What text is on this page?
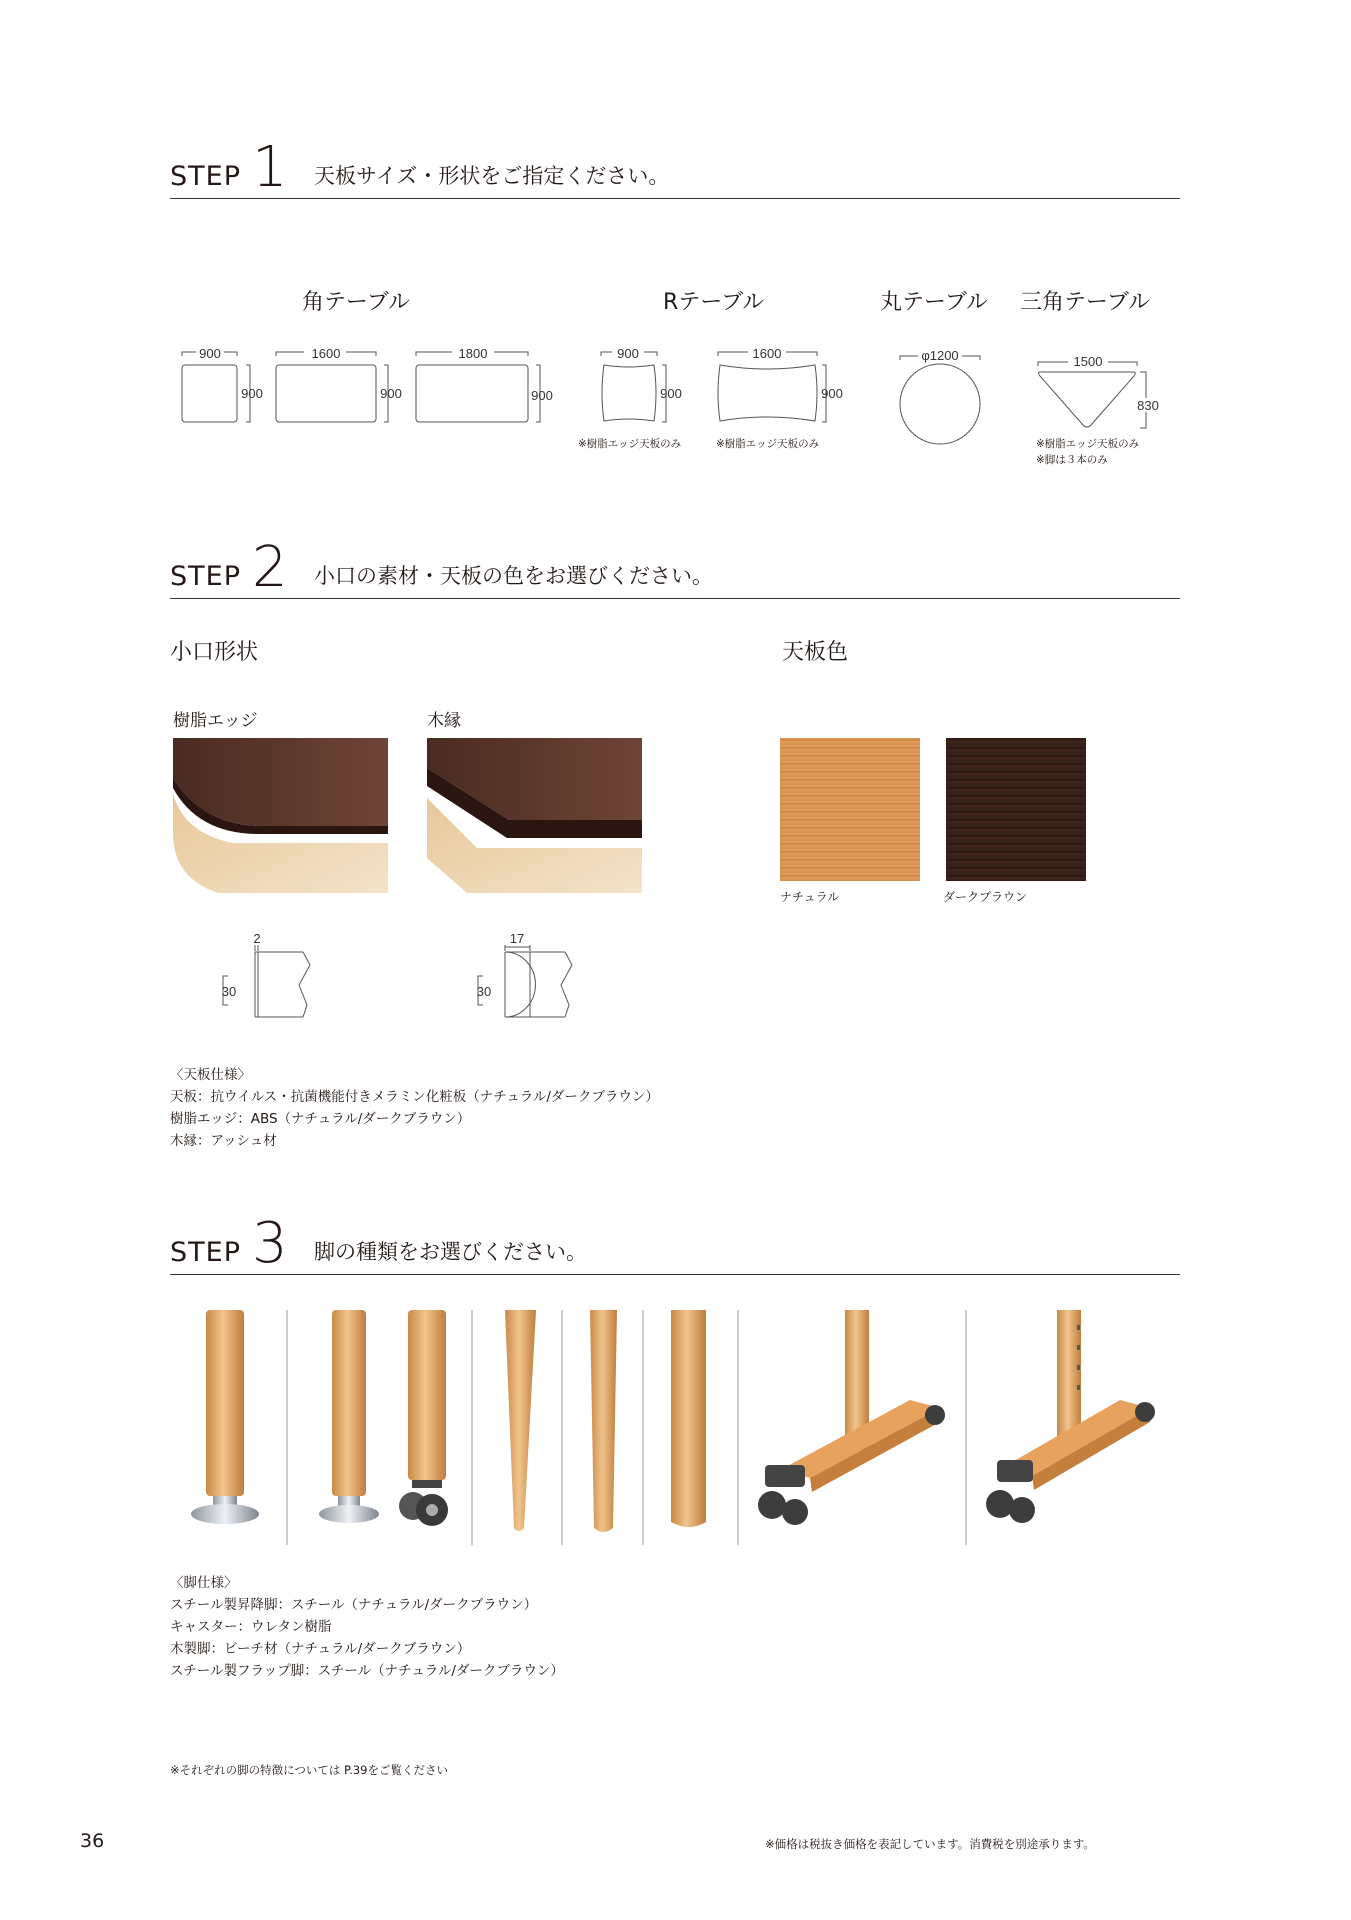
STEP 1 天板サイズ・形状をご指定ください。
角テーブル	Rテーブル	丸テーブル 三角テーブル
900
900
1600
900
1800
900
900
900
1600
900
φ1200	1500
830
※樹脂エッジ天板のみ	※樹脂エッジ天板のみ	※樹脂エッジ天板のみ
※脚は３本のみ
STEP 2 小口の素材・天板の色をお選びください。
小口形状	天板色
樹脂エッジ	木縁
2
30
17
30
ナチュラル	ダークブラウン
〈天板仕様〉
天板：抗ウイルス・抗菌機能付きメラミン化粧板（ナチュラル/ダークブラウン）
樹脂エッジ：ABS（ナチュラル/ダークブラウン）
木縁：アッシュ材
STEP 3 脚の種類をお選びください。
〈脚仕様〉
スチール製昇降脚：スチール（ナチュラル/ダークブラウン）
キャスター：ウレタン樹脂
木製脚：ビーチ材（ナチュラル/ダークブラウン）
スチール製フラップ脚：スチール（ナチュラル/ダークブラウン）
※それぞれの脚の特徴については P.39をご覧ください
36	※価格は税抜き価格を表記しています。消費税を別途承ります。
